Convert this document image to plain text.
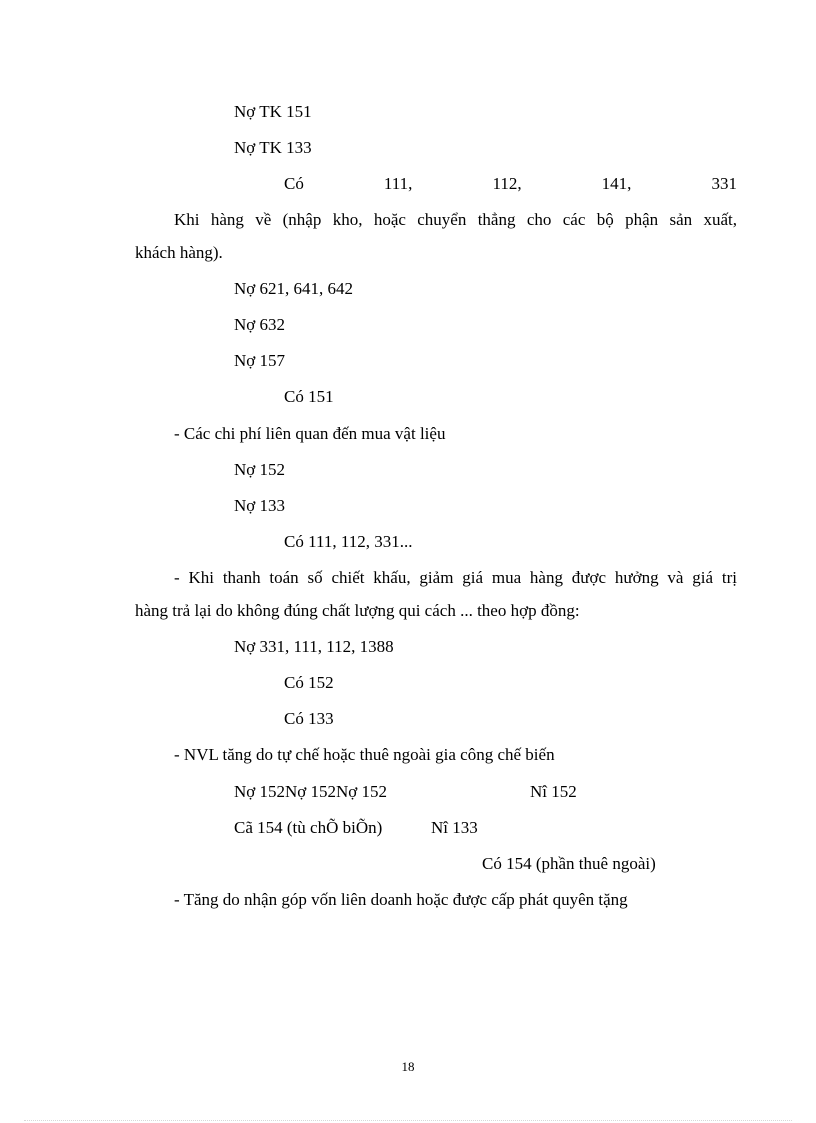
Nợ TK 151
Nợ TK 133
Có	111,	112,	141,	331
Khi hàng về (nhập kho, hoặc chuyển thẳng cho các bộ phận sản xuất,
khách hàng).
Nợ 621, 641, 642
Nợ 632
Nợ 157
Có 151
- Các chi phí liên quan đến mua vật liệu
Nợ 152
Nợ 133
Có 111, 112, 331...
- Khi thanh toán số chiết khấu, giảm giá mua hàng được hưởng và giá trị
hàng trả lại do không đúng chất lượng qui cách ... theo hợp đồng:
Nợ 331, 111, 112, 1388
Có 152
Có 133
- NVL tăng do tự chế hoặc thuê ngoài gia công chế biến
Nợ 152Nợ 152Nợ 152	Nî 152
Cã 154 (tù chÕ biÕn)	Nî 133
Có 154 (phần thuê ngoài)
- Tăng do nhận góp vốn liên doanh hoặc được cấp phát quyên tặng
18
